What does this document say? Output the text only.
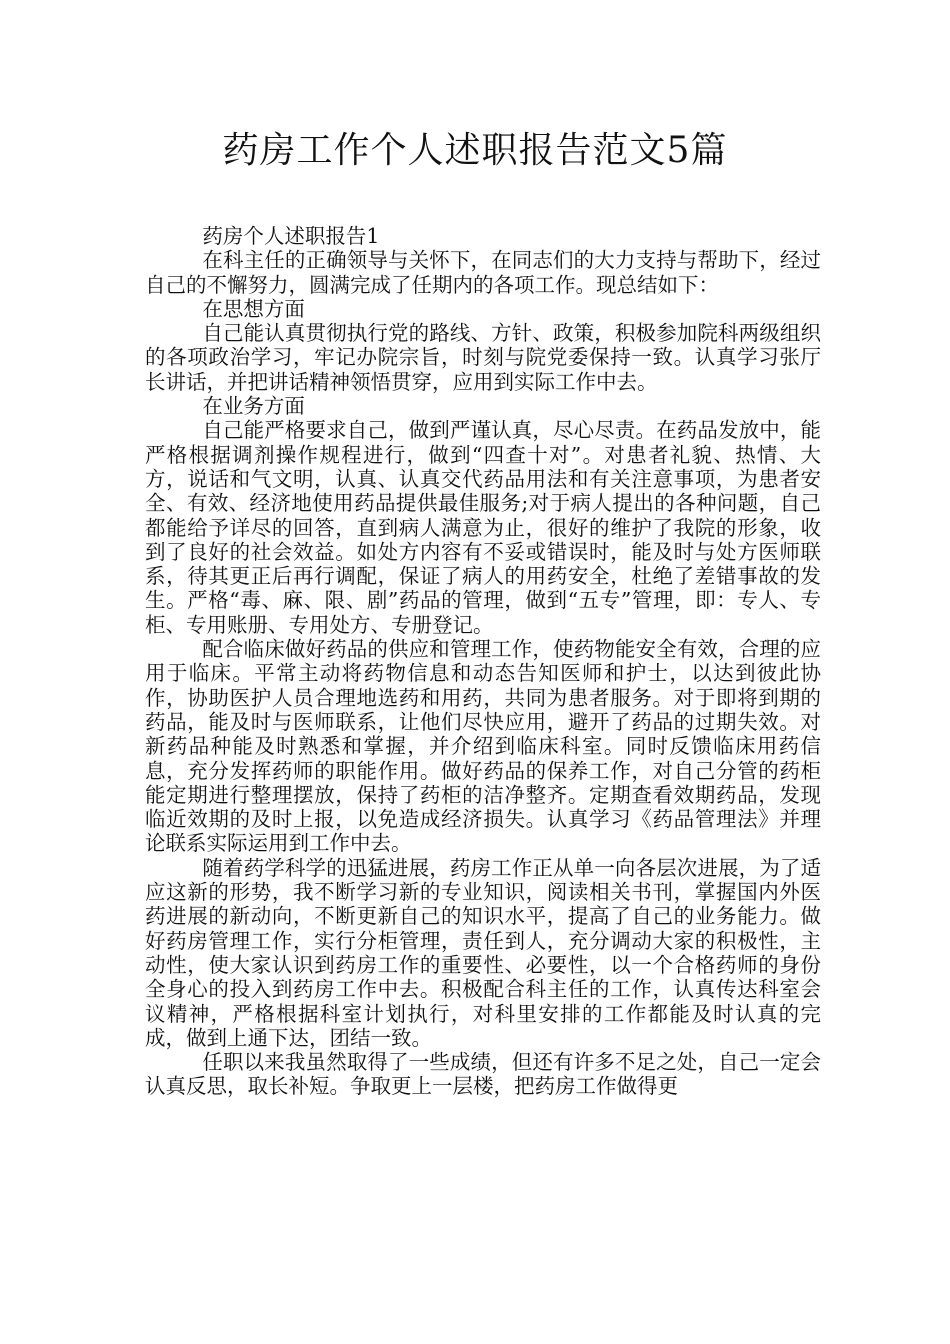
药房工作个人述职报告范文5篇

药房个人述职报告1

在科主任的正确领导与关怀下，在同志们的大力支持与帮助下，经过自己的不懈努力，圆满完成了任期内的各项工作。现总结如下：

在思想方面

自己能认真贯彻执行党的路线、方针、政策，积极参加院科两级组织的各项政治学习，牢记办院宗旨，时刻与院党委保持一致。认真学习张厅长讲话，并把讲话精神领悟贯穿，应用到实际工作中去。

在业务方面

自己能严格要求自己，做到严谨认真，尽心尽责。在药品发放中，能严格根据调剂操作规程进行，做到“四查十对”。对患者礼貌、热情、大方，说话和气文明，认真、认真交代药品用法和有关注意事项，为患者安全、有效、经济地使用药品提供最佳服务;对于病人提出的各种问题，自己都能给予详尽的回答，直到病人满意为止，很好的维护了我院的形象，收到了良好的社会效益。如处方内容有不妥或错误时，能及时与处方医师联系，待其更正后再行调配，保证了病人的用药安全，杜绝了差错事故的发生。严格“毒、麻、限、剧”药品的管理，做到“五专”管理，即：专人、专柜、专用账册、专用处方、专册登记。

配合临床做好药品的供应和管理工作，使药物能安全有效，合理的应用于临床。平常主动将药物信息和动态告知医师和护士，以达到彼此协作，协助医护人员合理地选药和用药，共同为患者服务。对于即将到期的药品，能及时与医师联系，让他们尽快应用，避开了药品的过期失效。对新药品种能及时熟悉和掌握，并介绍到临床科室。同时反馈临床用药信息，充分发挥药师的职能作用。做好药品的保养工作，对自己分管的药柜能定期进行整理摆放，保持了药柜的洁净整齐。定期查看效期药品，发现临近效期的及时上报，以免造成经济损失。认真学习《药品管理法》并理论联系实际运用到工作中去。

随着药学科学的迅猛进展，药房工作正从单一向各层次进展，为了适应这新的形势，我不断学习新的专业知识，阅读相关书刊，掌握国内外医药进展的新动向，不断更新自己的知识水平，提高了自己的业务能力。做好药房管理工作，实行分柜管理，责任到人，充分调动大家的积极性，主动性，使大家认识到药房工作的重要性、必要性，以一个合格药师的身份全身心的投入到药房工作中去。积极配合科主任的工作，认真传达科室会议精神，严格根据科室计划执行，对科里安排的工作都能及时认真的完成，做到上通下达，团结一致。

任职以来我虽然取得了一些成绩，但还有许多不足之处，自己一定会认真反思，取长补短。争取更上一层楼，把药房工作做得更
